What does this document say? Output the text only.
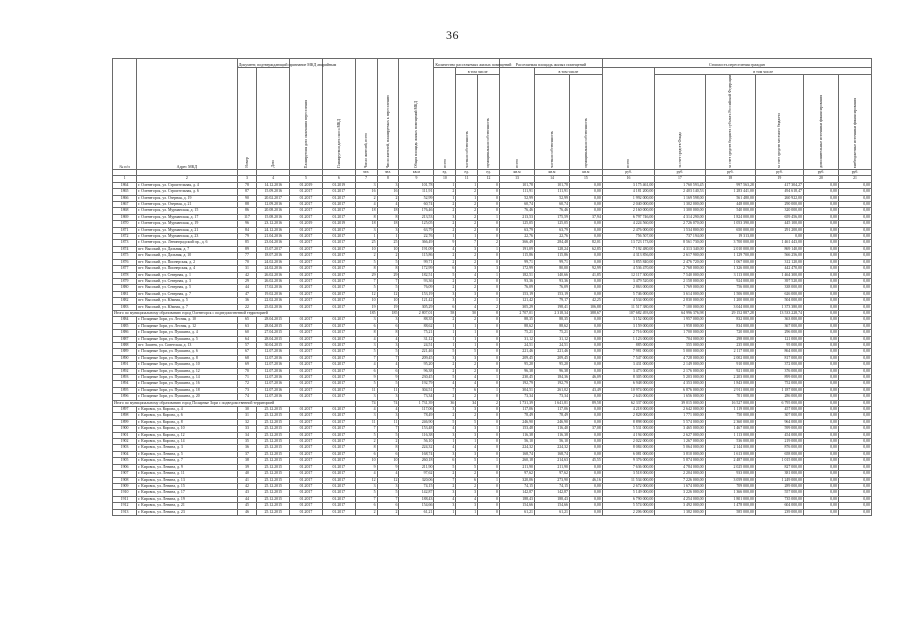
36
№ п/п	Адрес МКД	Документ, подтверждающий признание МКД аварийным		Планируемая дата окончания переселения	Планируемая дата сноса МКД	Число жителей, всего	Число жителей, планируемых к переселению	Общая площадь жилых помещений МКД	Количество расселяемых жилых помещений			Расселяемая площадь жилых помещений			Стоимость переселения граждан					
		Номер	Дата						всего	в том числе		всего	в том числе		всего	в том числе				
										частная собственность	муниципальная собственность		частная собственность	муниципальная собственность		за счет средств Фонда	за счет средств бюджета субъекта Российской Федерации	за счет средств местного бюджета	дополнительные источники финансирования	внебюджетные источники финансирования
						чел.	чел.	кв.м	ед.	ед.	ед.	кв.м	кв.м	кв.м	руб.	руб.	руб.	руб.	руб.	руб.
1	2	3	4	5	6	7	8	9	10	11	12	13	14	15	16	17	18	19	20	21
1864	г. Оленегорск, ул. Строительная, д. 4	78	14.12.2016	01.2019	01.2019	3	3	101,78	1	1	0	101,78	101,78	0,00	3 175 461,00	1 760 593,45	997 563,28	417 304,27	0,00	0,00
1865	г. Оленегорск, ул. Строительная, д. 6	87	15.09.2016	01.2017	01.2017	16	16	111,91	2	2	0	111,91	111,91	0,00	4 181 200,00	2 403 140,53	1 283 441,00	494 618,47	0,00	0,00
1866	г. Оленегорск, ул. Озерная, д. 19	90	20.02.2017	01.2017	01.2017	2	2	52,99	1	1	0	52,99	52,99	0,00	1 992 000,00	1 169 598,00	561 480,00	260 922,00	0,00	0,00
1867	г. Оленегорск, ул. Озерная, д. 21	88	12.09.2016	01.2017	01.2017	4	4	60,74	2	2	0	60,74	60,74	0,00	2 040 000,00	1 302 000,00	448 000,00	290 000,00	0,00	0,00
1868	г. Оленегорск, ул. Мурманская, д. 15	86	20.08.2016	01.2017	01.2017	18	18	176,46	2	2	0	76,46	76,46	0,00	2 160 000,00	1 300 000,00	540 000,00	320 000,00	0,00	0,00
1869	г. Оленегорск, ул. Мурманская, д. 17	117	15.08.2016	01.2017	01.2017	8	8	213,53	3	2	1	213,53	175,59	37,94	6 797 746,00	4 314 290,00	1 824 000,00	659 456,00	0,00	0,00
1870	г. Оленегорск, ул. Мурманская, д. 19	96	23.12.2016	01.2019	01.2019	18	18	125,05	2	2	0	125,05	125,05	0,00	4 224 560,00	2 726 070,00	1 053 390,00	445 100,00	0,00	0,00
1871	г. Оленегорск, ул. Мурманская, д. 21	84	24.12.2016	01.2017	01.2017	3	3	63,79	2	2	0	63,79	63,79	0,00	2 476 000,00	1 534 800,00	650 000,00	291 200,00	0,00	0,00
1872	г. Оленегорск, ул. Мурманская, д. 23	79	21.04.2016	01.2017	01.2017	1	1	22,76	1	1	0	22,76	22,76	0,00	756 507,00	737 194,00	19 313,00	0,00	0,00	0,00
1873	г. Оленегорск, ул. Ленинградский пр., д. 6	85	23.04.2016	01.2017	01.2017	25	25	366,49	9	7	2	366,49	284,48	82,01	13 723 173,00	8 561 730,00	3 700 000,00	1 461 443,00	0,00	0,00
1874	пгт. Высокий, ул. Дальняя, д. 7	89	15.07.2017	01.2017	01.2017	10	10	191,09	4	3	1	191,09	128,24	62,85	7 192 480,00	4 313 340,00	2 010 000,00	869 140,00	0,00	0,00
1875	пгт. Высокий, ул. Дальняя, д. 10	77	18.07.2016	01.2017	01.2017	2	2	115,86	2	2	0	115,86	115,86	0,00	4 313 856,00	2 617 900,00	1 129 700,00	566 256,00	0,00	0,00
1876	пгт. Высокий, ул. Пионерская, д. 2	70	24.02.2016	01.2017	01.2017	5	5	99,71	2	2	0	99,71	99,71	0,00	3 855 840,00	2 476 720,00	1 067 000,00	312 120,00	0,00	0,00
1877	пгт. Высокий, ул. Пионерская, д. 4	31	24.02.2016	01.2017	01.2017	8	8	172,99	6	3	3	172,99	80,00	92,99	4 536 470,00	2 768 000,00	1 326 000,00	442 470,00	0,00	0,00
1878	пгт. Высокий, ул. Северная, д. 1	42	26.02.2016	01.2017	01.2017	29	29	182,51	5	4	1	182,51	140,66	41,85	12 117 300,00	7 540 000,00	3 113 000,00	1 464 300,00	0,00	0,00
1879	пгт. Высокий, ул. Северная, д. 3	29	26.02.2016	01.2017	01.2017	7	7	93,36	2	2	0	93,36	93,36	0,00	3 479 520,00	2 158 000,00	924 000,00	397 520,00	0,00	0,00
1880	пгт. Высокий, ул. Северная, д. 5	44	17.02.2016	01.2017	01.2017	5	5	76,09	2	2	0	76,09	76,09	0,00	2 863 000,00	1 769 000,00	756 000,00	338 000,00	0,00	0,00
1881	пгт. Высокий, ул. Северная, д. 7	47	19.02.2016	01.2017	01.2017	12	12	153,19	3	3	0	153,19	153,19	0,00	5 746 000,00	3 614 000,00	1 506 000,00	626 000,00	0,00	0,00
1882	пгт. Высокий, ул. Южная, д. 5	36	22.02.2016	01.2017	01.2017	10	10	121,42	3	2	1	121,42	79,17	42,25	4 534 000,00	2 830 000,00	1 200 000,00	504 000,00	0,00	0,00
1883	пгт. Высокий, ул. Южная, д. 7	22	25.02.2016	01.2017	01.2017	19	19	305,29	6	4	2	305,29	198,41	106,88	11 517 380,00	7 100 000,00	3 044 000,00	1 373 380,00	0,00	0,00
Итого по муниципальному образованию город Оленегорск с подведомственной территорией						185	185	2 807,01	58	50	8	2 707,01	2 318,34	388,67	107 682 493,00	64 996 376,98	29 152 887,28	13 533 228,74	0,00	0,00
1884	г. Полярные Зори, ул. Лесная, д. 10	65	28.04.2015	01.2017	01.2017	3	3	88,35	2	2	0	88,35	88,35	0,00	3 152 000,00	1 957 000,00	832 000,00	363 000,00	0,00	0,00
1885	г. Полярные Зори, ул. Лесная, д. 12	63	28.04.2015	01.2017	01.2017	6	6	88,62	1	1	0	88,62	88,62	0,00	3 159 000,00	1 958 000,00	834 000,00	367 000,00	0,00	0,00
1886	г. Полярные Зори, ул. Пушкина, д. 4	60	27.04.2015	01.2017	01.2017	8	8	75,21	1	1	0	75,21	75,21	0,00	2 716 000,00	1 700 000,00	720 000,00	296 000,00	0,00	0,00
1887	г. Полярные Зори, ул. Пушкина, д. 5	64	28.04.2015	01.2017	01.2017	4	4	31,12	1	1	0	31,12	31,12	0,00	1 123 000,00	704 000,00	298 000,00	121 000,00	0,00	0,00
1888	пгт. Зашеек, ул. Советская, д. 13	57	30.04.2015	01.2017	01.2017	3	3	24,51	1	1	0	24,51	24,51	0,00	885 000,00	555 000,00	235 000,00	95 000,00	0,00	0,00
1889	г. Полярные Зори, ул. Пушкина, д. 6	67	12.07.2016	01.2017	01.2017	5	5	221,46	5	5	0	221,46	221,46	0,00	7 981 000,00	5 000 000,00	2 117 000,00	864 000,00	0,00	0,00
1890	г. Полярные Зори, ул. Пушкина, д. 8	68	12.07.2016	01.2017	01.2017	7	7	209,45	3	3	0	209,45	209,45	0,00	7 547 000,00	4 728 000,00	2 002 000,00	817 000,00	0,00	0,00
1891	г. Полярные Зори, ул. Пушкина, д. 10	69	12.07.2016	01.2017	01.2017	4	4	95,20	2	2	0	95,20	95,20	0,00	3 431 000,00	2 149 000,00	910 000,00	372 000,00	0,00	0,00
1892	г. Полярные Зори, ул. Пушкина, д. 12	70	12.07.2016	01.2017	01.2017	6	6	96,38	2	2	0	96,38	96,38	0,00	3 473 000,00	2 176 000,00	921 000,00	376 000,00	0,00	0,00
1893	г. Полярные Зори, ул. Пушкина, д. 14	71	12.07.2016	01.2017	01.2017	9	9	230,45	5	4	1	230,45	184,36	46,09	8 305 000,00	5 203 000,00	2 203 000,00	899 000,00	0,00	0,00
1894	г. Полярные Зори, ул. Пушкина, д. 16	72	12.07.2016	01.2017	01.2017	5	5	192,79	4	4	0	192,79	192,79	0,00	6 948 000,00	4 353 000,00	1 843 000,00	752 000,00	0,00	0,00
1895	г. Полярные Зори, ул. Пушкина, д. 18	73	12.07.2016	01.2017	01.2017	11	11	304,51	7	6	1	304,51	261,02	43,49	10 974 000,00	6 876 000,00	2 911 000,00	1 187 000,00	0,00	0,00
1896	г. Полярные Зори, ул. Пушкина, д. 20	74	12.07.2016	01.2017	01.2017	3	3	73,34	2	2	0	73,34	73,34	0,00	2 643 000,00	1 656 000,00	701 000,00	286 000,00	0,00	0,00
Итого по муниципальному образованию город Полярные Зори с подведомственной территорией						74	74	1 731,39	36	34	2	1 731,39	1 641,81	89,58	62 337 000,00	39 015 000,00	16 527 000,00	6 795 000,00	0,00	0,00
1897	г. Кировск, ул. Кирова, д. 4	30	25.12.2015	01.2017	01.2017	4	4	117,06	3	3	0	117,06	117,06	0,00	4 218 000,00	2 642 000,00	1 119 000,00	457 000,00	0,00	0,00
1898	г. Кировск, ул. Кирова, д. 6	31	25.12.2015	01.2017	01.2017	3	3	78,49	2	2	0	78,49	78,49	0,00	2 828 000,00	1 771 000,00	750 000,00	307 000,00	0,00	0,00
1899	г. Кировск, ул. Кирова, д. 8	32	25.12.2015	01.2017	01.2017	11	11	246,90	5	5	0	246,90	246,90	0,00	8 898 000,00	5 574 000,00	2 360 000,00	964 000,00	0,00	0,00
1900	г. Кировск, ул. Кирова, д. 10	33	25.12.2015	01.2017	01.2017	7	7	153,48	4	3	1	153,48	116,40	37,08	5 531 000,00	3 465 000,00	1 467 000,00	599 000,00	0,00	0,00
1901	г. Кировск, ул. Кирова, д. 12	34	25.12.2015	01.2017	01.2017	5	5	116,38	3	3	0	116,38	116,38	0,00	4 194 000,00	2 627 000,00	1 113 000,00	454 000,00	0,00	0,00
1902	г. Кировск, ул. Кирова, д. 14	35	25.12.2015	01.2017	01.2017	2	2	56,10	1	1	0	56,10	56,10	0,00	2 022 000,00	1 267 000,00	536 000,00	219 000,00	0,00	0,00
1903	г. Кировск, ул. Ленина, д. 3	36	25.12.2015	01.2017	01.2017	8	8	224,32	4	4	0	224,32	224,32	0,00	8 084 000,00	5 064 000,00	2 144 000,00	876 000,00	0,00	0,00
1904	г. Кировск, ул. Ленина, д. 5	37	25.12.2015	01.2017	01.2017	6	6	168,74	3	3	0	168,74	168,74	0,00	6 081 000,00	3 810 000,00	1 613 000,00	658 000,00	0,00	0,00
1905	г. Кировск, ул. Ленина, д. 7	38	25.12.2015	01.2017	01.2017	10	10	260,18	6	5	1	260,18	214,63	45,55	9 376 000,00	5 874 000,00	2 487 000,00	1 015 000,00	0,00	0,00
1906	г. Кировск, ул. Ленина, д. 9	39	25.12.2015	01.2017	01.2017	9	9	211,90	5	5	0	211,90	211,90	0,00	7 636 000,00	4 784 000,00	2 025 000,00	827 000,00	0,00	0,00
1907	г. Кировск, ул. Ленина, д. 11	40	25.12.2015	01.2017	01.2017	4	4	97,62	2	2	0	97,62	97,62	0,00	3 518 000,00	2 204 000,00	933 000,00	381 000,00	0,00	0,00
1908	г. Кировск, ул. Ленина, д. 13	41	25.12.2015	01.2017	01.2017	12	12	320,06	7	6	1	320,06	273,90	46,16	11 534 000,00	7 226 000,00	3 059 000,00	1 249 000,00	0,00	0,00
1909	г. Кировск, ул. Ленина, д. 15	42	25.12.2015	01.2017	01.2017	3	3	74,15	2	2	0	74,15	74,15	0,00	2 672 000,00	1 674 000,00	709 000,00	289 000,00	0,00	0,00
1910	г. Кировск, ул. Ленина, д. 17	43	25.12.2015	01.2017	01.2017	5	5	142,87	3	3	0	142,87	142,87	0,00	5 149 000,00	3 226 000,00	1 366 000,00	557 000,00	0,00	0,00
1911	г. Кировск, ул. Ленина, д. 19	44	25.12.2015	01.2017	01.2017	7	7	188,43	4	4	0	188,43	188,43	0,00	6 790 000,00	4 254 000,00	1 801 000,00	735 000,00	0,00	0,00
1912	г. Кировск, ул. Ленина, д. 21	45	25.12.2015	01.2017	01.2017	6	6	154,66	3	3	0	154,66	154,66	0,00	5 574 000,00	3 492 000,00	1 478 000,00	604 000,00	0,00	0,00
1913	г. Кировск, ул. Ленина, д. 23	46	25.12.2015	01.2017	01.2017	2	2	61,21	1	1	0	61,21	61,21	0,00	2 206 000,00	1 382 000,00	585 000,00	239 000,00	0,00	0,00
